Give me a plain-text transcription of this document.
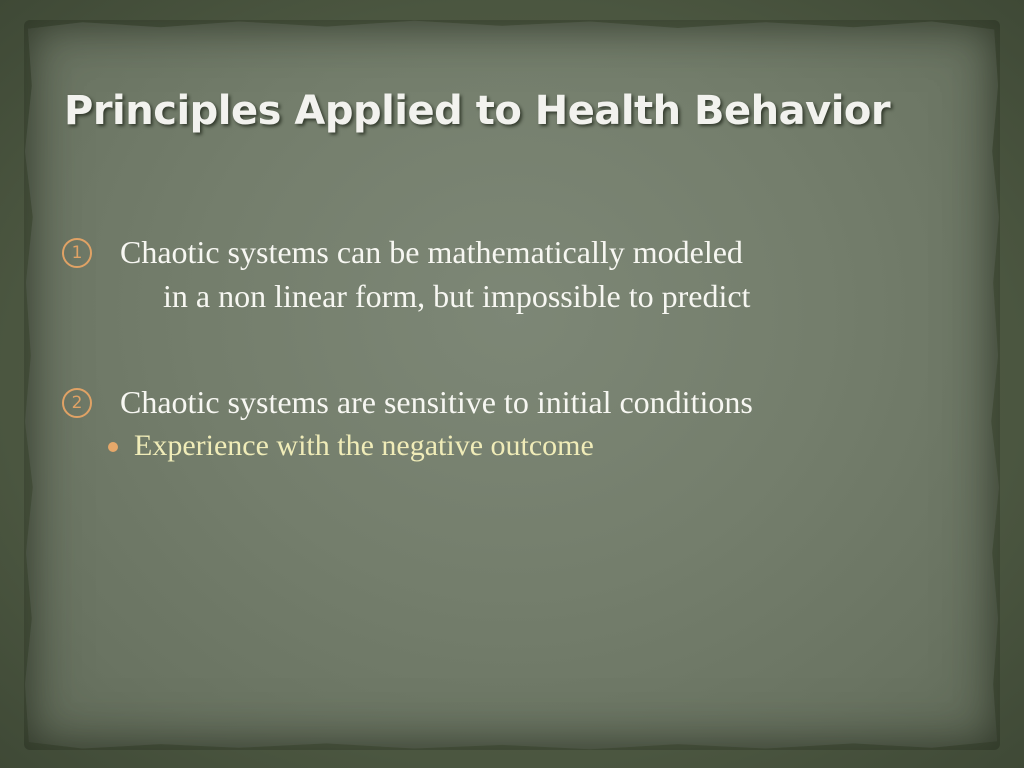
Principles Applied to Health Behavior
1 Chaotic systems can be mathematically modeled
in a non linear form, but impossible to predict
2 Chaotic systems are sensitive to initial conditions
Experience with the negative outcome
